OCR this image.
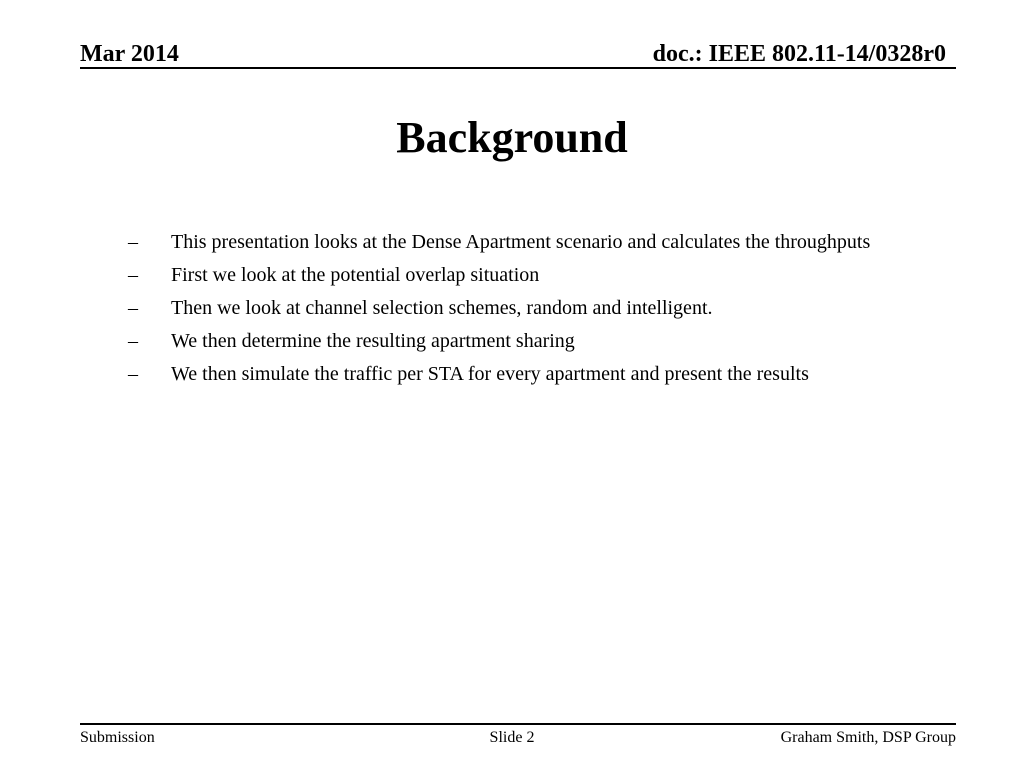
Mar 2014	doc.: IEEE 802.11-14/0328r0
Background
– This presentation looks at the Dense Apartment scenario and calculates the throughputs
– First we look at the potential overlap situation
– Then we look at channel selection schemes, random and intelligent.
– We then determine the resulting apartment sharing
– We then simulate the traffic per STA for every apartment and present the results
Submission	Slide 2	Graham Smith, DSP Group
